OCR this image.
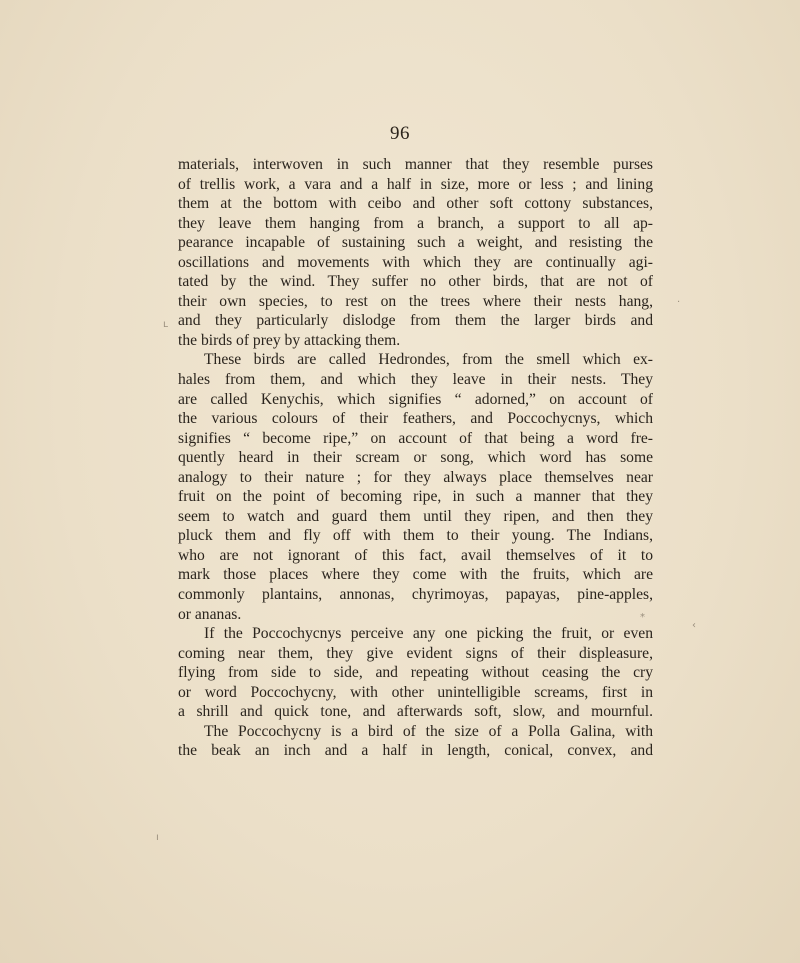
96
materials, interwoven in such manner that they resemble purses
of trellis work, a vara and a half in size, more or less ; and lining
them at the bottom with ceibo and other soft cottony substances,
they leave them hanging from a branch, a support to all ap-
pearance incapable of sustaining such a weight, and resisting the
oscillations and movements with which they are continually agi-
tated by the wind. They suffer no other birds, that are not of
their own species, to rest on the trees where their nests hang,
and they particularly dislodge from them the larger birds and
the birds of prey by attacking them.
These birds are called Hedrondes, from the smell which ex-
hales from them, and which they leave in their nests. They
are called Kenychis, which signifies “ adorned,” on account of
the various colours of their feathers, and Poccochycnys, which
signifies “ become ripe,” on account of that being a word fre-
quently heard in their scream or song, which word has some
analogy to their nature ; for they always place themselves near
fruit on the point of becoming ripe, in such a manner that they
seem to watch and guard them until they ripen, and then they
pluck them and fly off with them to their young. The Indians,
who are not ignorant of this fact, avail themselves of it to
mark those places where they come with the fruits, which are
commonly plantains, annonas, chyrimoyas, papayas, pine-apples,
or ananas.
If the Poccochycnys perceive any one picking the fruit, or even
coming near them, they give evident signs of their displeasure,
flying from side to side, and repeating without ceasing the cry
or word Poccochycny, with other unintelligible screams, first in
a shrill and quick tone, and afterwards soft, slow, and mournful.
The Poccochycny is a bird of the size of a Polla Galina, with
the beak an inch and a half in length, conical, convex, and
ʟ
·
*
‹
ı
